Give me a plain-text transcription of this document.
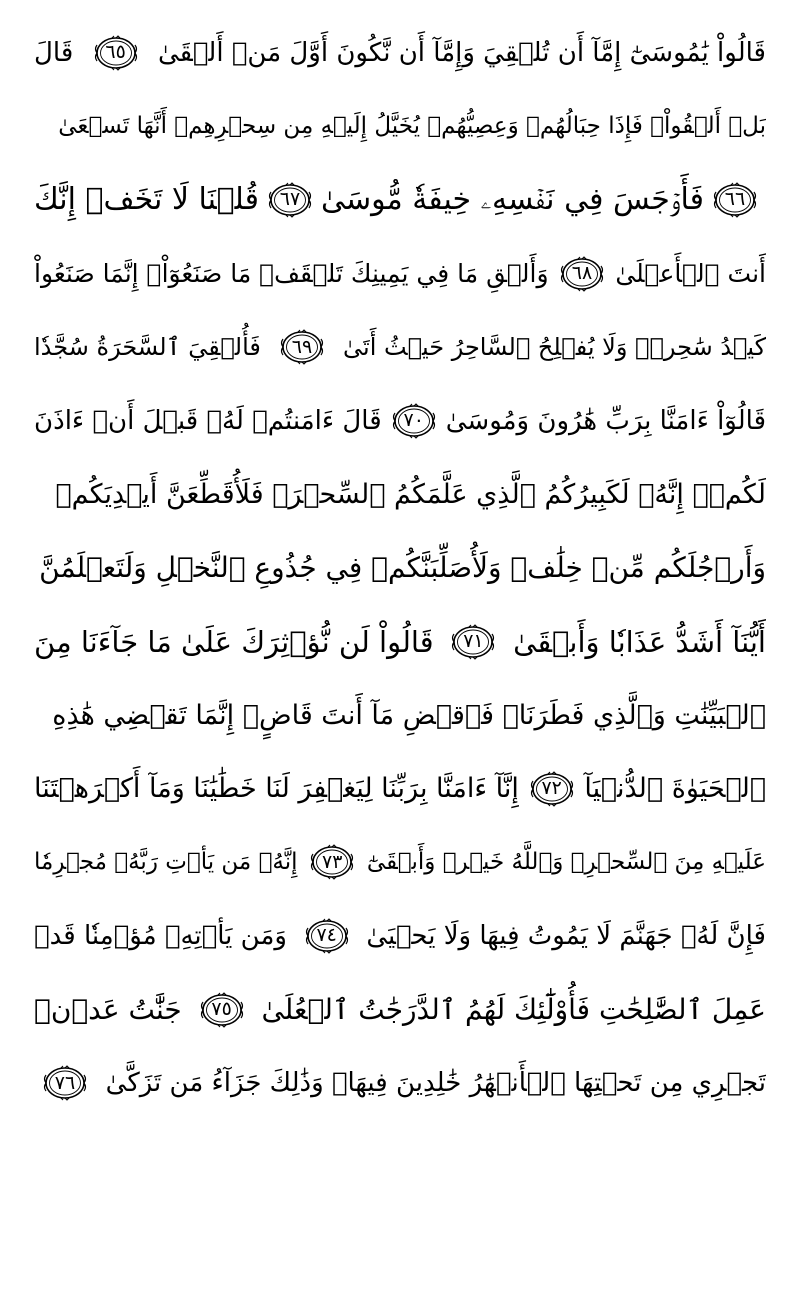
قَالُواْ يَٰمُوسَىٰٓ إِمَّآ أَن تُلۡقِيَ وَإِمَّآ أَن نَّكُونَ أَوَّلَ مَنۡ أَلۡقَىٰ
٦٥
قَالَ
بَلۡ أَلۡقُواْۖ فَإِذَا حِبَالُهُمۡ وَعِصِيُّهُمۡ يُخَيَّلُ إِلَيۡهِ مِن سِحۡرِهِمۡ أَنَّهَا تَسۡعَىٰ
٦٦
فَأَوۡجَسَ فِي نَفۡسِهِۦ خِيفَةٗ مُّوسَىٰ
٦٧
قُلۡنَا لَا تَخَفۡ إِنَّكَ
أَنتَ ٱلۡأَعۡلَىٰ
٦٨
وَأَلۡقِ مَا فِي يَمِينِكَ تَلۡقَفۡ مَا صَنَعُوٓاْۖ إِنَّمَا صَنَعُواْ
كَيۡدُ سَٰحِرٖۖ وَلَا يُفۡلِحُ ٱلسَّاحِرُ حَيۡثُ أَتَىٰ
٦٩
فَأُلۡقِيَ ٱلسَّحَرَةُ سُجَّدٗا
قَالُوٓاْ ءَامَنَّا بِرَبِّ هَٰرُونَ وَمُوسَىٰ
٧٠
قَالَ ءَامَنتُمۡ لَهُۥ قَبۡلَ أَنۡ ءَاذَنَ
لَكُمۡۖ إِنَّهُۥ لَكَبِيرُكُمُ ٱلَّذِي عَلَّمَكُمُ ٱلسِّحۡرَۖ فَلَأُقَطِّعَنَّ أَيۡدِيَكُمۡ
وَأَرۡجُلَكُم مِّنۡ خِلَٰفٖ وَلَأُصَلِّبَنَّكُمۡ فِي جُذُوعِ ٱلنَّخۡلِ وَلَتَعۡلَمُنَّ
أَيُّنَآ أَشَدُّ عَذَابٗا وَأَبۡقَىٰ
٧١
قَالُواْ لَن نُّؤۡثِرَكَ عَلَىٰ مَا جَآءَنَا مِنَ
ٱلۡبَيِّنَٰتِ وَٱلَّذِي فَطَرَنَاۖ فَٱقۡضِ مَآ أَنتَ قَاضٍۖ إِنَّمَا تَقۡضِي هَٰذِهِ
ٱلۡحَيَوٰةَ ٱلدُّنۡيَآ
٧٢
إِنَّآ ءَامَنَّا بِرَبِّنَا لِيَغۡفِرَ لَنَا خَطَٰيَٰنَا وَمَآ أَكۡرَهۡتَنَا
عَلَيۡهِ مِنَ ٱلسِّحۡرِۗ وَٱللَّهُ خَيۡرٞ وَأَبۡقَىٰٓ
٧٣
إِنَّهُۥ مَن يَأۡتِ رَبَّهُۥ مُجۡرِمٗا
فَإِنَّ لَهُۥ جَهَنَّمَ لَا يَمُوتُ فِيهَا وَلَا يَحۡيَىٰ
٧٤
وَمَن يَأۡتِهِۦ مُؤۡمِنٗا قَدۡ
عَمِلَ ٱلصَّٰلِحَٰتِ فَأُوْلَٰٓئِكَ لَهُمُ ٱلدَّرَجَٰتُ ٱلۡعُلَىٰ
٧٥
جَنَّٰتُ عَدۡنٖ
تَجۡرِي مِن تَحۡتِهَا ٱلۡأَنۡهَٰرُ خَٰلِدِينَ فِيهَاۚ وَذَٰلِكَ جَزَآءُ مَن تَزَكَّىٰ
٧٦
